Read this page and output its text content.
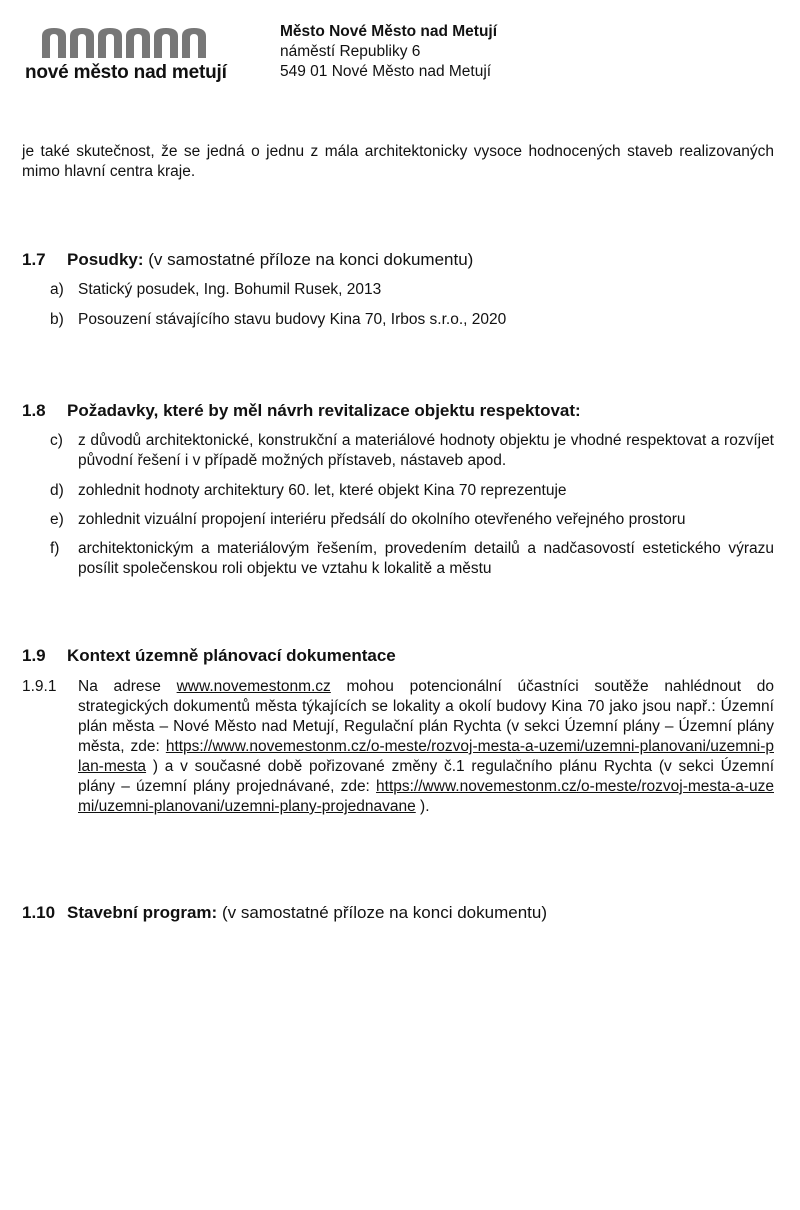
nové město nad metují
Město Nové Město nad Metují
náměstí Republiky 6
549 01 Nové Město nad Metují
je také skutečnost, že se jedná o jednu z mála architektonicky vysoce hodnocených staveb realizovaných mimo hlavní centra kraje.
1.7 Posudky: (v samostatné příloze na konci dokumentu)
a) Statický posudek, Ing. Bohumil Rusek, 2013
b) Posouzení stávajícího stavu budovy Kina 70, Irbos s.r.o., 2020
1.8 Požadavky, které by měl návrh revitalizace objektu respektovat:
c) z důvodů architektonické, konstrukční a materiálové hodnoty objektu je vhodné respektovat a rozvíjet původní řešení i v případě možných přístaveb, nástaveb apod.
d) zohlednit hodnoty architektury 60. let, které objekt Kina 70 reprezentuje
e) zohlednit vizuální propojení interiéru předsálí do okolního otevřeného veřejného prostoru
f) architektonickým a materiálovým řešením, provedením detailů a nadčasovostí estetického výrazu posílit společenskou roli objektu ve vztahu k lokalitě a městu
1.9 Kontext územně plánovací dokumentace
1.9.1 Na adrese www.novemestonm.cz mohou potencionální účastníci soutěže nahlédnout do strategických dokumentů města týkajících se lokality a okolí budovy Kina 70 jako jsou např.: Územní plán města – Nové Město nad Metují, Regulační plán Rychta (v sekci Územní plány – Územní plány města, zde: https://www.novemestonm.cz/o-meste/rozvoj-mesta-a-uzemi/uzemni-planovani/uzemni-plan-mesta ) a v současné době pořizované změny č.1 regulačního plánu Rychta (v sekci Územní plány – územní plány projednávané, zde: https://www.novemestonm.cz/o-meste/rozvoj-mesta-a-uzemi/uzemni-planovani/uzemni-plany-projednavane ).
1.10 Stavební program: (v samostatné příloze na konci dokumentu)
